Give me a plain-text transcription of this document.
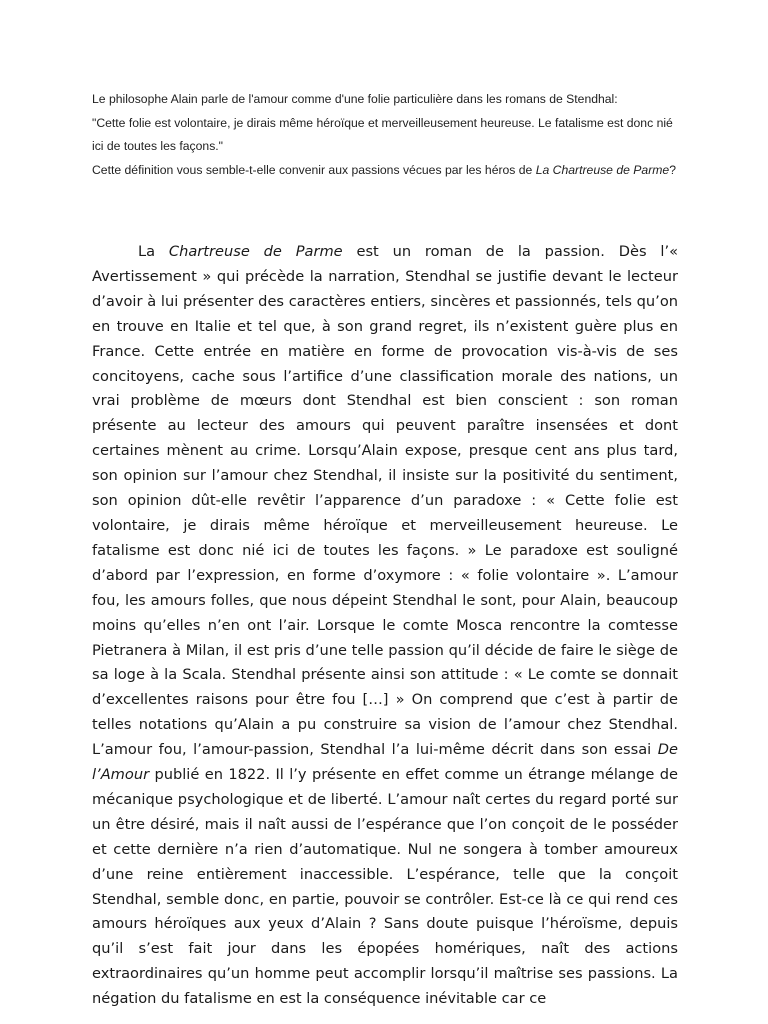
Le philosophe Alain parle de l'amour comme d'une folie particulière dans les romans de Stendhal:

"Cette folie est volontaire, je dirais même héroïque et merveilleusement heureuse. Le fatalisme est donc nié ici de toutes les façons."

Cette définition vous semble-t-elle convenir aux passions vécues par les héros de La Chartreuse de Parme?

La Chartreuse de Parme est un roman de la passion. Dès l’« Avertissement » qui précède la narration, Stendhal se justifie devant le lecteur d’avoir à lui présenter des caractères entiers, sincères et passionnés, tels qu’on en trouve en Italie et tel que, à son grand regret, ils n’existent guère plus en France. Cette entrée en matière en forme de provocation vis-à-vis de ses concitoyens, cache sous l’artifice d’une classification morale des nations, un vrai problème de mœurs dont Stendhal est bien conscient : son roman présente au lecteur des amours qui peuvent paraître insensées et dont certaines mènent au crime. Lorsqu’Alain expose, presque cent ans plus tard, son opinion sur l’amour chez Stendhal, il insiste sur la positivité du sentiment, son opinion dût-elle revêtir l’apparence d’un paradoxe : « Cette folie est volontaire, je dirais même héroïque et merveilleusement heureuse. Le fatalisme est donc nié ici de toutes les façons. » Le paradoxe est souligné d’abord par l’expression, en forme d’oxymore : « folie volontaire ». L’amour fou, les amours folles, que nous dépeint Stendhal le sont, pour Alain, beaucoup moins qu’elles n’en ont l’air. Lorsque le comte Mosca rencontre la comtesse Pietranera à Milan, il est pris d’une telle passion qu’il décide de faire le siège de sa loge à la Scala. Stendhal présente ainsi son attitude : « Le comte se donnait d’excellentes raisons pour être fou […] » On comprend que c’est à partir de telles notations qu’Alain a pu construire sa vision de l’amour chez Stendhal. L’amour fou, l’amour-passion, Stendhal l’a lui-même décrit dans son essai De l’Amour publié en 1822. Il l’y présente en effet comme un étrange mélange de mécanique psychologique et de liberté. L’amour naît certes du regard porté sur un être désiré, mais il naît aussi de l’espérance que l’on conçoit de le posséder et cette dernière n’a rien d’automatique. Nul ne songera à tomber amoureux d’une reine entièrement inaccessible. L’espérance, telle que la conçoit Stendhal, semble donc, en partie, pouvoir se contrôler. Est-ce là ce qui rend ces amours héroïques aux yeux d’Alain ? Sans doute puisque l’héroïsme, depuis qu’il s’est fait jour dans les épopées homériques, naît des actions extraordinaires qu’un homme peut accomplir lorsqu’il maîtrise ses passions. La négation du fatalisme en est la conséquence inévitable car ce
